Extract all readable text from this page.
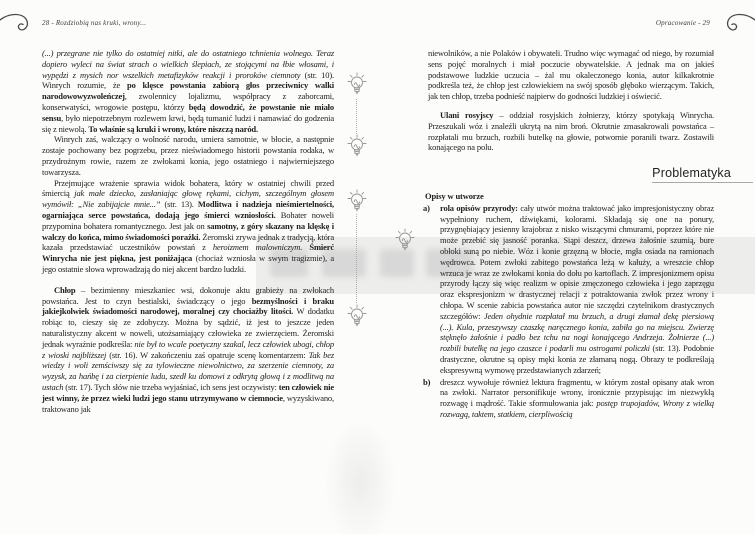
28 - Rozdziobią nas kruki, wrony...	Opracowanie - 29

(...) przegrane nie tylko do ostatniej nitki, ale do ostatniego tchnienia wolnego. Teraz dopiero wyleci na świat strach o wielkich ślepiach, ze stojącymi na łbie włosami, i wypędzi z mysich nor wszelkich metafizyków reakcji i proroków ciemnoty (str. 10). Winrych rozumie, że po klęsce powstania zabiorą głos przeciwnicy walki narodowowyzwoleńczej, zwolennicy lojalizmu, współpracy z zaborcami, konserwatyści, wrogowie postępu, którzy będą dowodzić, że powstanie nie miało sensu, było niepotrzebnym rozlewem krwi, będą tumanić ludzi i namawiać do godzenia się z niewolą. To właśnie są kruki i wrony, które niszczą naród.

Winrych zaś, walczący o wolność narodu, umiera samotnie, w błocie, a następnie zostaje pochowany bez pogrzebu, przez nieświadomego historii powstania rodaka, w przydrożnym rowie, razem ze zwłokami konia, jego ostatniego i najwierniejszego towarzysza.

Przejmujące wrażenie sprawia widok bohatera, który w ostatniej chwili przed śmiercią jak małe dziecko, zasłaniając głowę rękami, cichym, szczególnym głosem wymówił: „Nie zabijajcie mnie...” (str. 13). Modlitwa i nadzieja nieśmiertelności, ogarniająca serce powstańca, dodają jego śmierci wzniosłości. Bohater noweli przypomina bohatera romantycznego. Jest jak on samotny, z góry skazany na klęskę i walczy do końca, mimo świadomości porażki. Żeromski zrywa jednak z tradycją, która kazała przedstawiać uczestników powstań z heroizmem malowniczym. Śmierć Winrycha nie jest piękna, jest poniżająca (chociaż wzniosła w swym tragizmie), a jego ostatnie słowa wprowadzają do niej akcent bardzo ludzki.

Chłop – bezimienny mieszkaniec wsi, dokonuje aktu grabieży na zwłokach powstańca. Jest to czyn bestialski, świadczący o jego bezmyślności i braku jakiejkolwiek świadomości narodowej, moralnej czy chociażby litości. W dodatku robiąc to, cieszy się ze zdobyczy. Można by sądzić, iż jest to jeszcze jeden naturalistyczny akcent w noweli, utożsamiający człowieka ze zwierzęciem. Żeromski jednak wyraźnie podkreśla: nie był to wcale poetyczny szakal, lecz człowiek ubogi, chłop z wioski najbliższej (str. 16). W zakończeniu zaś opatruje scenę komentarzem: Tak bez wiedzy i woli zemściwszy się za tylowieczne niewolnictwo, za szerzenie ciemnoty, za wyzysk, za hańbę i za cierpienie ludu, szedł ku domowi z odkrytą głową i z modlitwą na ustach (str. 17). Tych słów nie trzeba wyjaśniać, ich sens jest oczywisty: ten człowiek nie jest winny, że przez wieki ludzi jego stanu utrzymywano w ciemnocie, wyzyskiwano, traktowano jak

niewolników, a nie Polaków i obywateli. Trudno więc wymagać od niego, by rozumiał sens pojęć moralnych i miał poczucie obywatelskie. A jednak ma on jakieś podstawowe ludzkie uczucia – żal mu okaleczonego konia, autor kilkakrotnie podkreśla też, że chłop jest człowiekiem na swój sposób głęboko wierzącym. Takich, jak ten chłop, trzeba podnieść najpierw do godności ludzkiej i oświecić.

Ulani rosyjscy – oddział rosyjskich żołnierzy, którzy spotykają Winrycha. Przeszukali wóz i znaleźli ukrytą na nim broń. Okrutnie zmasakrowali powstańca – rozpłatali mu brzuch, rozbili butelkę na głowie, potwornie poranili twarz. Zostawili konającego na polu.

Problematyka
Opisy w utworze
a) rola opisów przyrody: cały utwór można traktować jako impresjonistyczny obraz wypełniony ruchem, dźwiękami, kolorami. Składają się one na ponury, przygnębiający jesienny krajobraz z nisko wiszącymi chmurami, poprzez które nie może przebić się jasność poranka. Siąpi deszcz, drzewa żałośnie szumią, bure obłoki suną po niebie. Wóz i konie grzęzną w błocie, mgła osiada na ramionach wędrowca. Potem zwłoki zabitego powstańca leżą w kałuży, a wreszcie chłop wrzuca je wraz ze zwłokami konia do dołu po kartoflach. Z impresjonizmem opisu przyrody łączy się więc realizm w opisie zmęczonego człowieka i jego zaprzęgu oraz ekspresjonizm w drastycznej relacji z potraktowania zwłok przez wrony i chłopa. W scenie zabicia powstańca autor nie szczędzi czytelnikom drastycznych szczegółów: Jeden ohydnie rozpłatał mu brzuch, a drugi złamał dekę piersiową (...). Kula, przeszywszy czaszkę naręcznego konia, zabiła go na miejscu. Zwierzę stęknęło żałośnie i padło bez tchu na nogi konającego Andrzeja. Żołnierze (...) rozbili butelkę na jego czaszce i podarli mu ostrogami policzki (str. 13). Podobnie drastyczne, okrutne są opisy męki konia ze złamaną nogą. Obrazy te podkreślają ekspresywną wymowę przedstawianych zdarzeń;
b) dreszcz wywołuje również lektura fragmentu, w którym został opisany atak wron na zwłoki. Narrator personifikuje wrony, ironicznie przypisując im niezwykłą rozwagę i mądrość. Takie sformułowania jak: postęp trupojadów, Wrony z wielką rozwagą, taktem, statkiem, cierpliwością
